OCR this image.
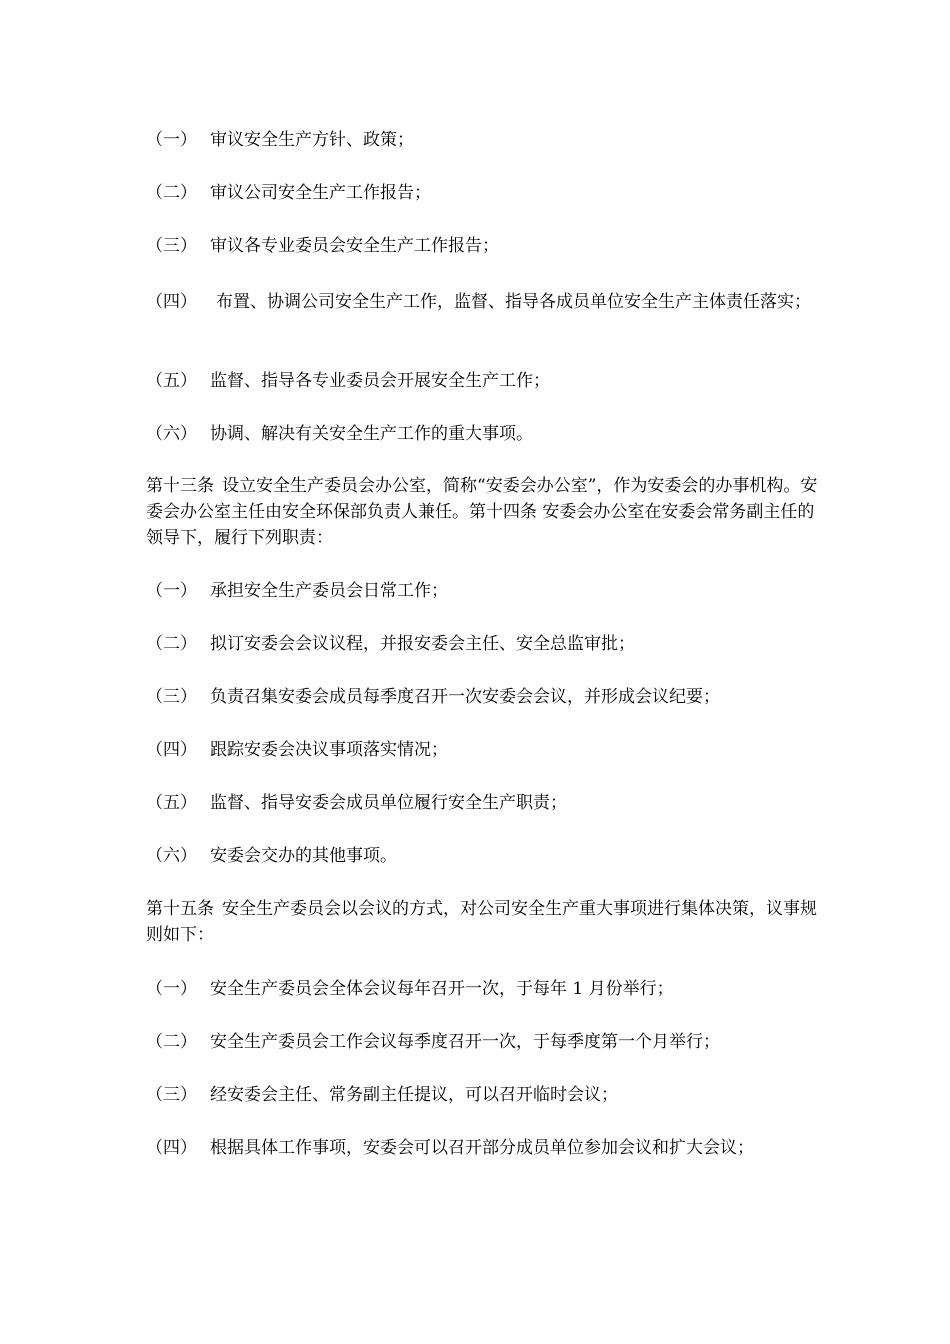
（一） 审议安全生产方针、政策；
（二） 审议公司安全生产工作报告；
（三） 审议各专业委员会安全生产工作报告；
（四） 布置、协调公司安全生产工作，监督、指导各成员单位安全生产主体责任落实；
（五） 监督、指导各专业委员会开展安全生产工作；
（六） 协调、解决有关安全生产工作的重大事项。
第十三条 设立安全生产委员会办公室，简称“安委会办公室”，作为安委会的办事机构。安委会办公室主任由安全环保部负责人兼任。第十四条 安委会办公室在安委会常务副主任的领导下，履行下列职责：
（一） 承担安全生产委员会日常工作；
（二） 拟订安委会会议议程，并报安委会主任、安全总监审批；
（三） 负责召集安委会成员每季度召开一次安委会会议，并形成会议纪要；
（四） 跟踪安委会决议事项落实情况；
（五） 监督、指导安委会成员单位履行安全生产职责；
（六） 安委会交办的其他事项。
第十五条 安全生产委员会以会议的方式，对公司安全生产重大事项进行集体决策，议事规则如下：
（一） 安全生产委员会全体会议每年召开一次，于每年 1 月份举行；
（二） 安全生产委员会工作会议每季度召开一次，于每季度第一个月举行；
（三） 经安委会主任、常务副主任提议，可以召开临时会议；
（四） 根据具体工作事项，安委会可以召开部分成员单位参加会议和扩大会议；
